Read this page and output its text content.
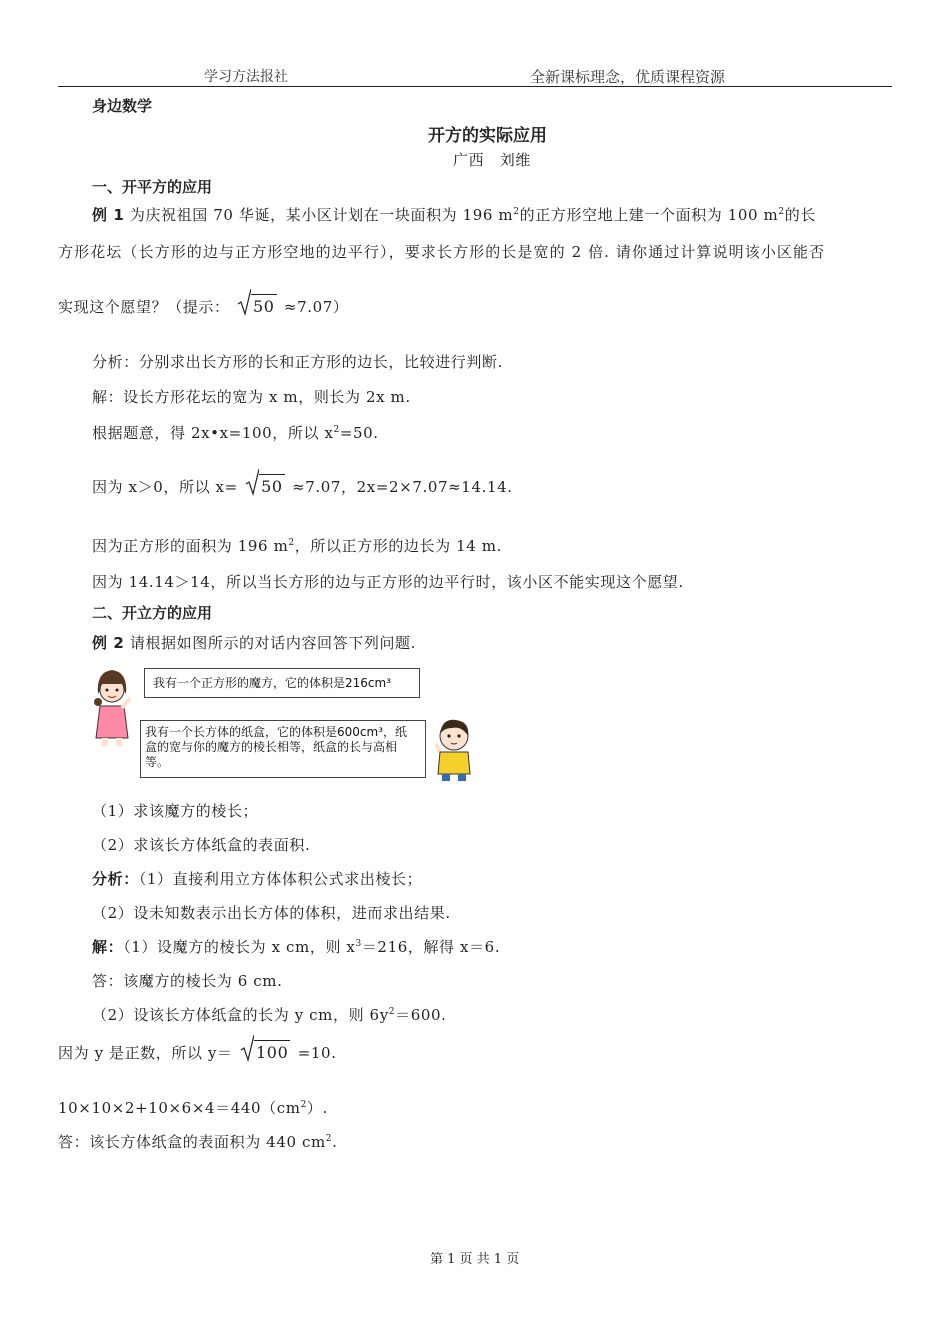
学习方法报社	全新课标理念，优质课程资源
身边数学
开方的实际应用
广西　刘维
一、开平方的应用
例 1 为庆祝祖国 70 华诞，某小区计划在一块面积为 196 $m^2$的正方形空地上建一个面积为 100 $m^2$的长
方形花坛（长方形的边与正方形空地的边平行），要求长方形的长是宽的 2 倍. 请你通过计算说明该小区能否
实现这个愿望？（提示： 50 ≈7.07）
分析：分别求出长方形的长和正方形的边长，比较进行判断.
解：设长方形花坛的宽为 x m，则长为 2x m.
根据题意，得 2x•x=100，所以 $x^2=50$.
因为 x＞0，所以 x= 50 ≈7.07，2x=2×7.07≈14.14.
因为正方形的面积为 196 $m^2$，所以正方形的边长为 14 m.
因为 14.14＞14，所以当长方形的边与正方形的边平行时，该小区不能实现这个愿望.
二、开立方的应用
例 2 请根据如图所示的对话内容回答下列问题.
我有一个正方形的魔方，它的体积是216cm³
我有一个长方体的纸盒，它的体积是600cm³，纸
盒的宽与你的魔方的棱长相等，纸盒的长与高相
等。
（1）求该魔方的棱长；
（2）求该长方体纸盒的表面积.
分析：（1）直接利用立方体体积公式求出棱长；
（2）设未知数表示出长方体的体积，进而求出结果.
解：（1）设魔方的棱长为 x cm，则 $x^3=216$，解得 x＝6.
答：该魔方的棱长为 6 cm.
（2）设该长方体纸盒的长为 y cm，则 $6y^2=600$.
因为 y 是正数，所以 y＝ 100 =10.
$10\times 10\times 2+10\times 6\times 4=440(cm^2)$.
答：该长方体纸盒的表面积为 440 $cm^2$.
第 1 页 共 1 页
